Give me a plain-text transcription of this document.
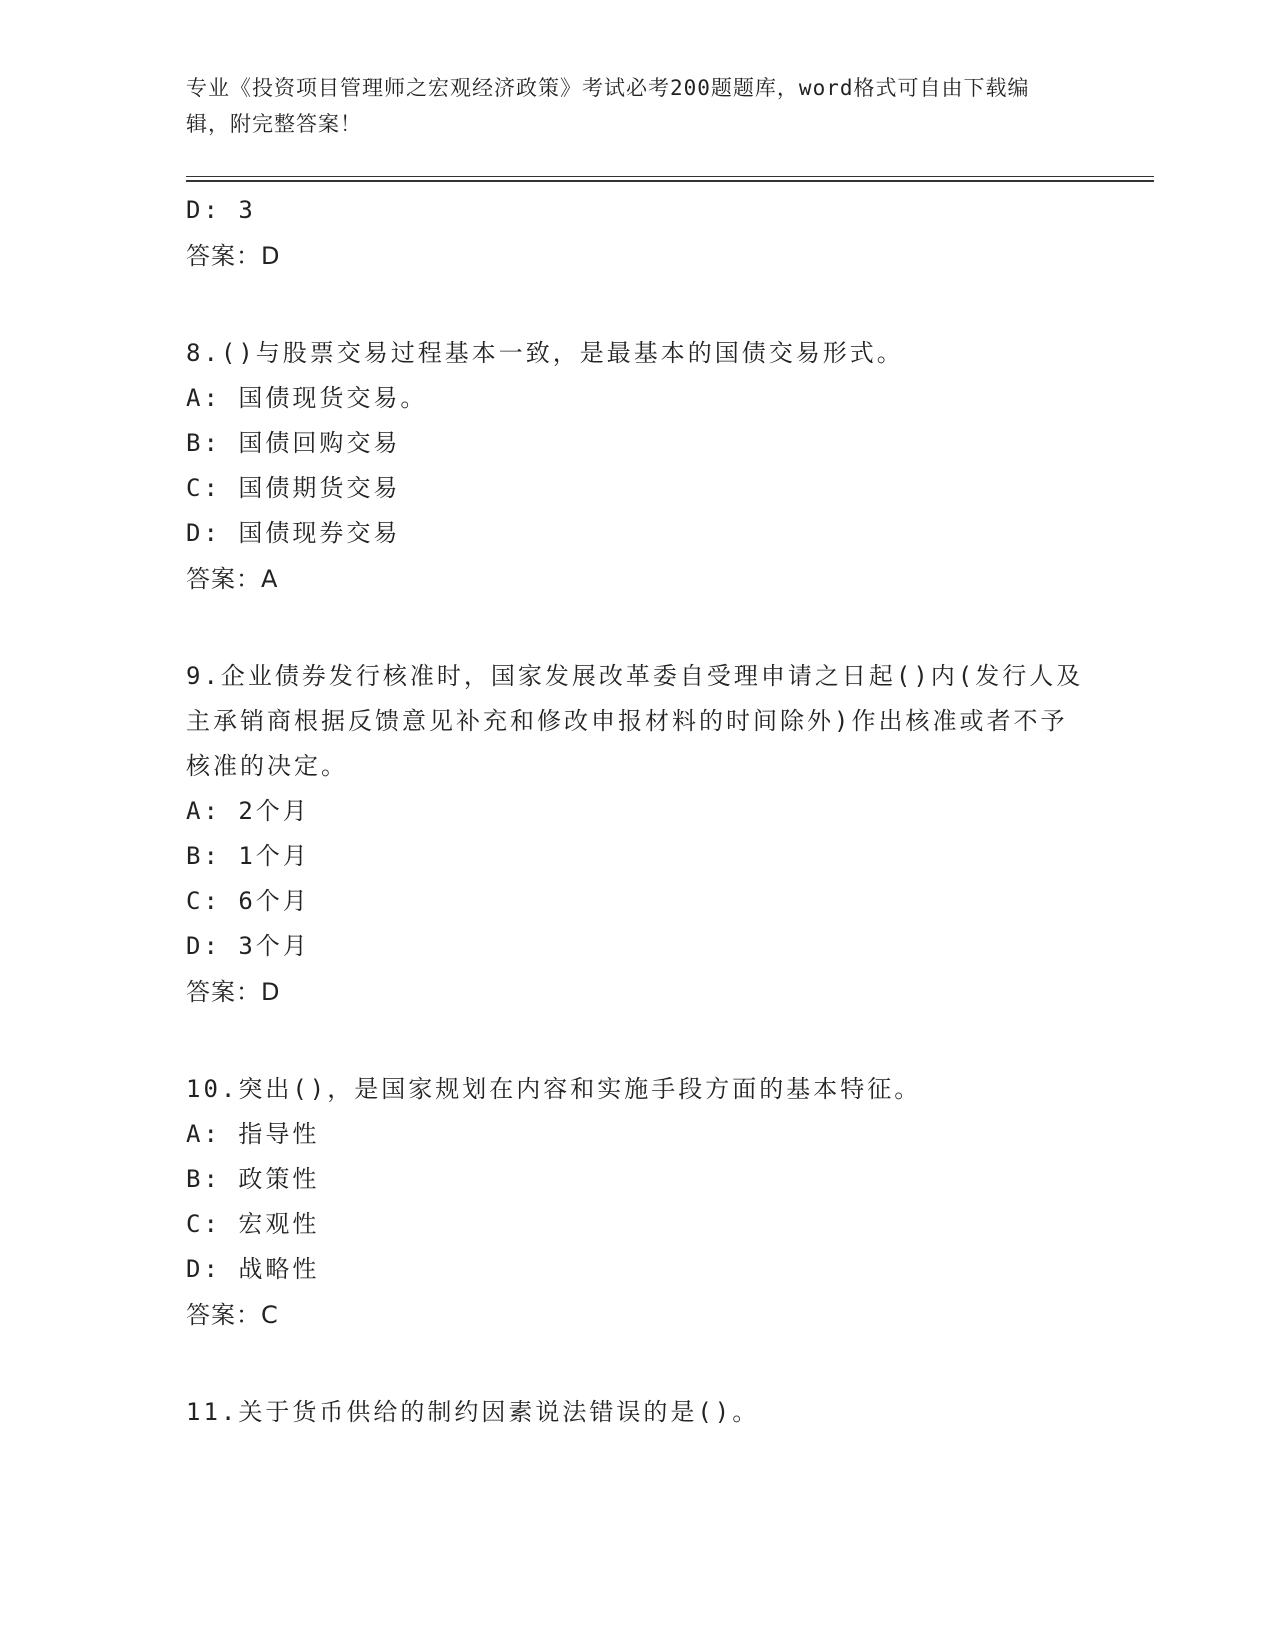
专业《投资项目管理师之宏观经济政策》考试必考200题题库，word格式可自由下载编辑，附完整答案！
D: 3
答案：D
8.()与股票交易过程基本一致，是最基本的国债交易形式。
A: 国债现货交易。
B: 国债回购交易
C: 国债期货交易
D: 国债现券交易
答案：A
9.企业债券发行核准时，国家发展改革委自受理申请之日起()内(发行人及主承销商根据反馈意见补充和修改申报材料的时间除外)作出核准或者不予核准的决定。
A: 2个月
B: 1个月
C: 6个月
D: 3个月
答案：D
10.突出()，是国家规划在内容和实施手段方面的基本特征。
A: 指导性
B: 政策性
C: 宏观性
D: 战略性
答案：C
11.关于货币供给的制约因素说法错误的是()。
